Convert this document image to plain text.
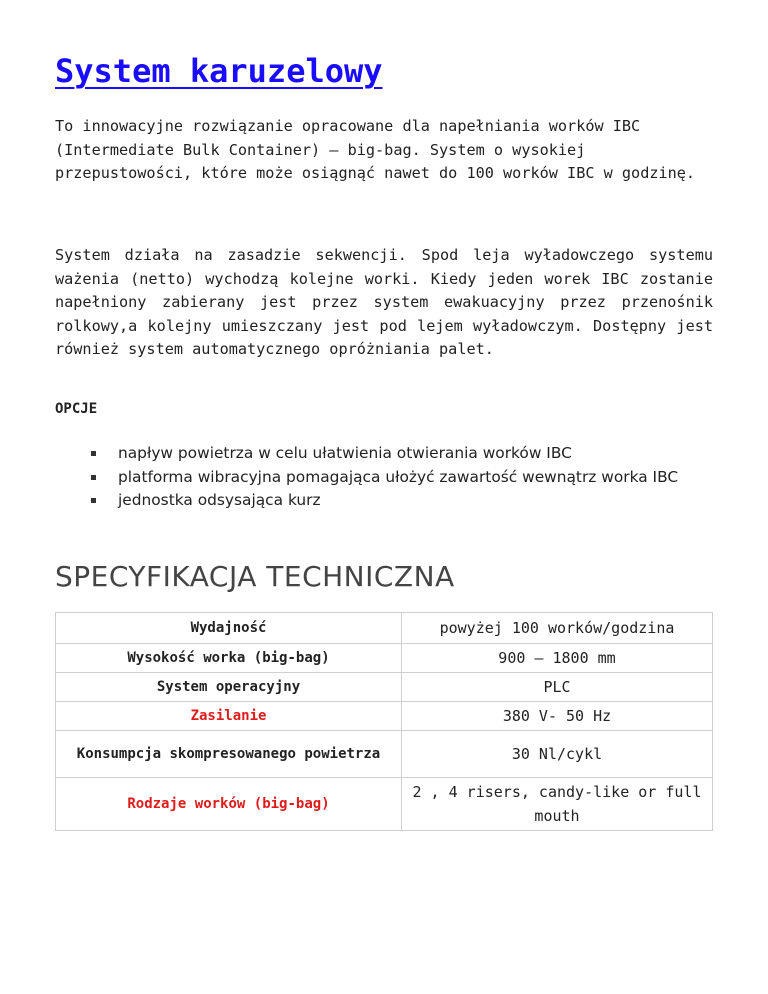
System karuzelowy

To innowacyjne rozwiązanie opracowane dla napełniania worków IBC (Intermediate Bulk Container) – big-bag. System o wysokiej przepustowości, które może osiągnąć nawet do 100 worków IBC w godzinę.

System działa na zasadzie sekwencji. Spod leja wyładowczego systemu ważenia (netto) wychodzą kolejne worki. Kiedy jeden worek IBC zostanie napełniony zabierany jest przez system ewakuacyjny przez przenośnik rolkowy,a kolejny umieszczany jest pod lejem wyładowczym. Dostępny jest również system automatycznego opróżniania palet.

OPCJE

napływ powietrza w celu ułatwienia otwierania worków IBC
platforma wibracyjna pomagająca ułożyć zawartość wewnątrz worka IBC
jednostka odsysająca kurz
SPECYFIKACJA TECHNICZNA
Wydajność	powyżej 100 worków/godzina
Wysokość worka (big-bag)	900 – 1800 mm
System operacyjny	PLC
Zasilanie	380 V- 50 Hz
Konsumpcja skompresowanego powietrza	30 Nl/cykl
Rodzaje worków (big-bag)	2 , 4 risers, candy-like or full mouth
